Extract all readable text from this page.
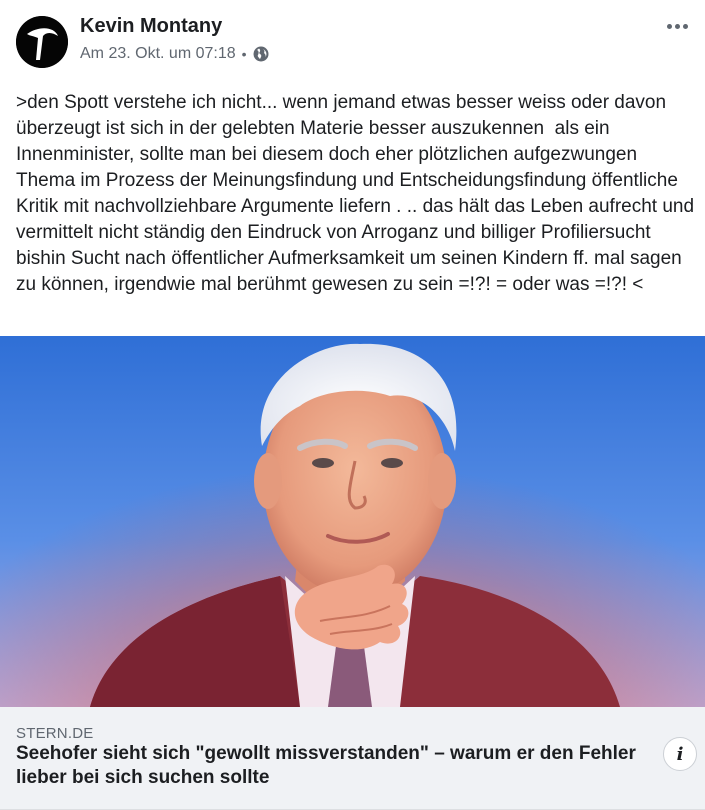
Kevin Montany
Am 23. Okt. um 07:18 •
>den Spott verstehe ich nicht... wenn jemand etwas besser weiss oder davon überzeugt ist sich in der gelebten Materie besser auszukennen  als ein Innenminister, sollte man bei diesem doch eher plötzlichen aufgezwungen Thema im Prozess der Meinungsfindung und Entscheidungsfindung öffentliche Kritik mit nachvollziehbare Argumente liefern . .. das hält das Leben aufrecht und vermittelt nicht ständig den Eindruck von Arroganz und billiger Profiliersucht bishin Sucht nach öffentlicher Aufmerksamkeit um seinen Kindern ff. mal sagen zu können, irgendwie mal berühmt gewesen zu sein =!?! = oder was =!?! <
STERN.DE
Seehofer sieht sich "gewollt missverstanden" – warum er den Fehler lieber bei sich suchen sollte
i
